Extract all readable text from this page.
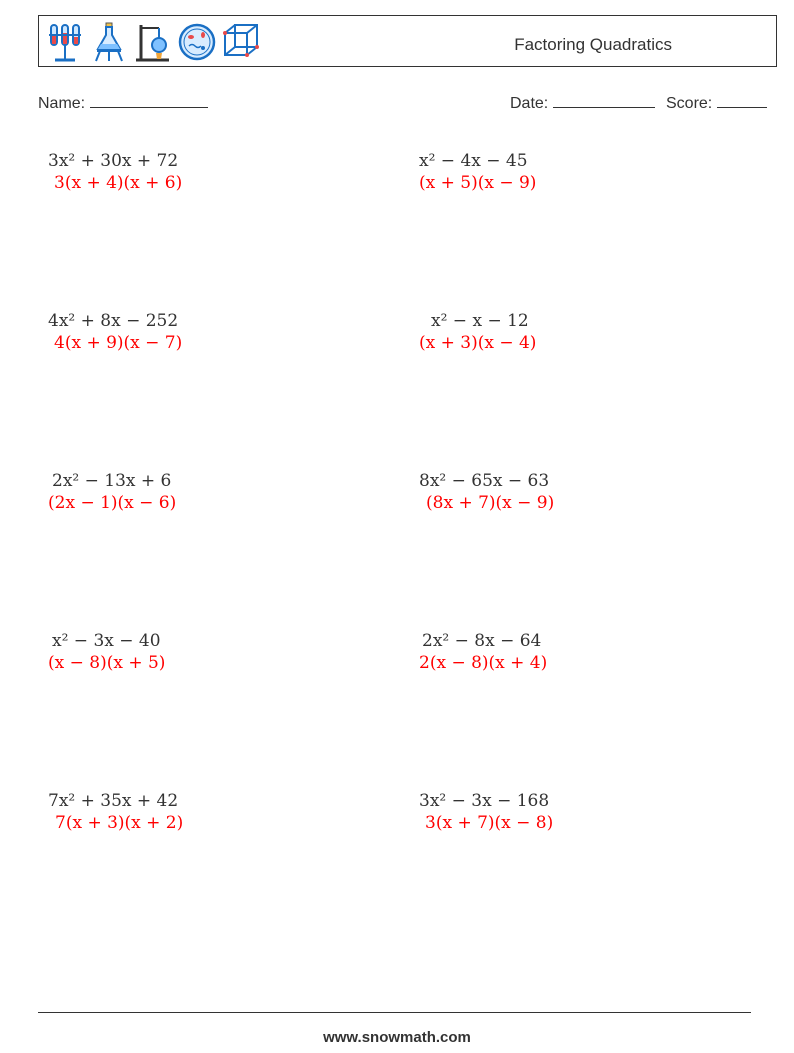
Factoring Quadratics
Name:	Date:	Score:
3x² + 30x + 72
3(x + 4)(x + 6)
x² − 4x − 45
(x + 5)(x − 9)
4x² + 8x − 252
4(x + 9)(x − 7)
x² − x − 12
(x + 3)(x − 4)
2x² − 13x + 6
(2x − 1)(x − 6)
8x² − 65x − 63
(8x + 7)(x − 9)
x² − 3x − 40
(x − 8)(x + 5)
2x² − 8x − 64
2(x − 8)(x + 4)
7x² + 35x + 42
7(x + 3)(x + 2)
3x² − 3x − 168
3(x + 7)(x − 8)
www.snowmath.com
